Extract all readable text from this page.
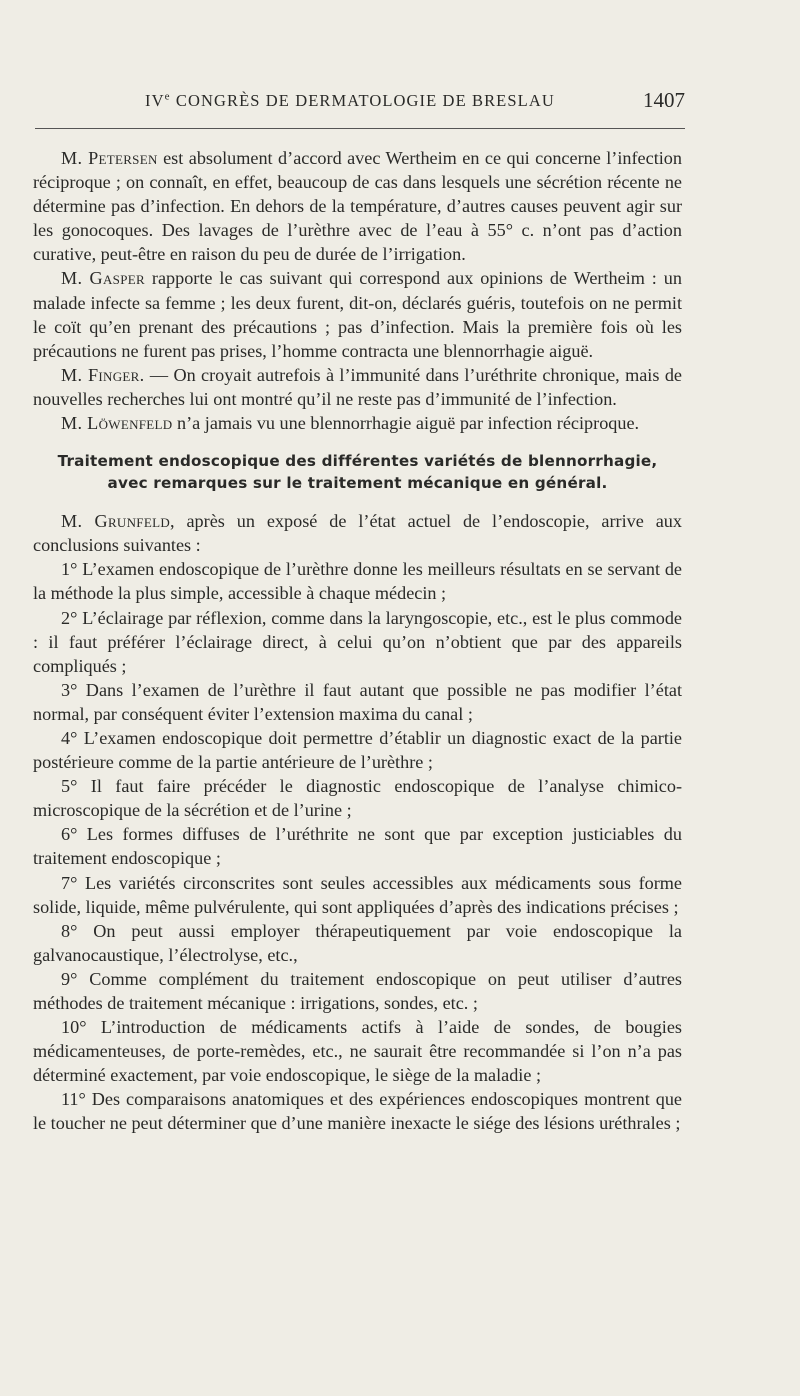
IVe CONGRÈS DE DERMATOLOGIE DE BRESLAU	1407

M. Petersen est absolument d’accord avec Wertheim en ce qui concerne l’infection réciproque ; on connaît, en effet, beaucoup de cas dans lesquels une sécrétion récente ne détermine pas d’infection. En dehors de la température, d’autres causes peuvent agir sur les gonocoques. Des lavages de l’urèthre avec de l’eau à 55° c. n’ont pas d’action curative, peut-être en raison du peu de durée de l’irrigation.

M. Gasper rapporte le cas suivant qui correspond aux opinions de Wertheim : un malade infecte sa femme ; les deux furent, dit-on, déclarés guéris, toutefois on ne permit le coït qu’en prenant des précautions ; pas d’infection. Mais la première fois où les précautions ne furent pas prises, l’homme contracta une blennorrhagie aiguë.

M. Finger. — On croyait autrefois à l’immunité dans l’uréthrite chronique, mais de nouvelles recherches lui ont montré qu’il ne reste pas d’immunité de l’infection.

M. Löwenfeld n’a jamais vu une blennorrhagie aiguë par infection réciproque.

Traitement endoscopique des différentes variétés de blennorrhagie,
avec remarques sur le traitement mécanique en général.

M. Grunfeld, après un exposé de l’état actuel de l’endoscopie, arrive aux conclusions suivantes :

1° L’examen endoscopique de l’urèthre donne les meilleurs résultats en se servant de la méthode la plus simple, accessible à chaque médecin ;

2° L’éclairage par réflexion, comme dans la laryngoscopie, etc., est le plus commode : il faut préférer l’éclairage direct, à celui qu’on n’obtient que par des appareils compliqués ;

3° Dans l’examen de l’urèthre il faut autant que possible ne pas modifier l’état normal, par conséquent éviter l’extension maxima du canal ;

4° L’examen endoscopique doit permettre d’établir un diagnostic exact de la partie postérieure comme de la partie antérieure de l’urèthre ;

5° Il faut faire précéder le diagnostic endoscopique de l’analyse chimico-microscopique de la sécrétion et de l’urine ;

6° Les formes diffuses de l’uréthrite ne sont que par exception justiciables du traitement endoscopique ;

7° Les variétés circonscrites sont seules accessibles aux médicaments sous forme solide, liquide, même pulvérulente, qui sont appliquées d’après des indications précises ;

8° On peut aussi employer thérapeutiquement par voie endoscopique la galvanocaustique, l’électrolyse, etc.,

9° Comme complément du traitement endoscopique on peut utiliser d’autres méthodes de traitement mécanique : irrigations, sondes, etc. ;

10° L’introduction de médicaments actifs à l’aide de sondes, de bougies médicamenteuses, de porte-remèdes, etc., ne saurait être recommandée si l’on n’a pas déterminé exactement, par voie endoscopique, le siège de la maladie ;

11° Des comparaisons anatomiques et des expériences endoscopiques montrent que le toucher ne peut déterminer que d’une manière inexacte le siége des lésions uréthrales ;
